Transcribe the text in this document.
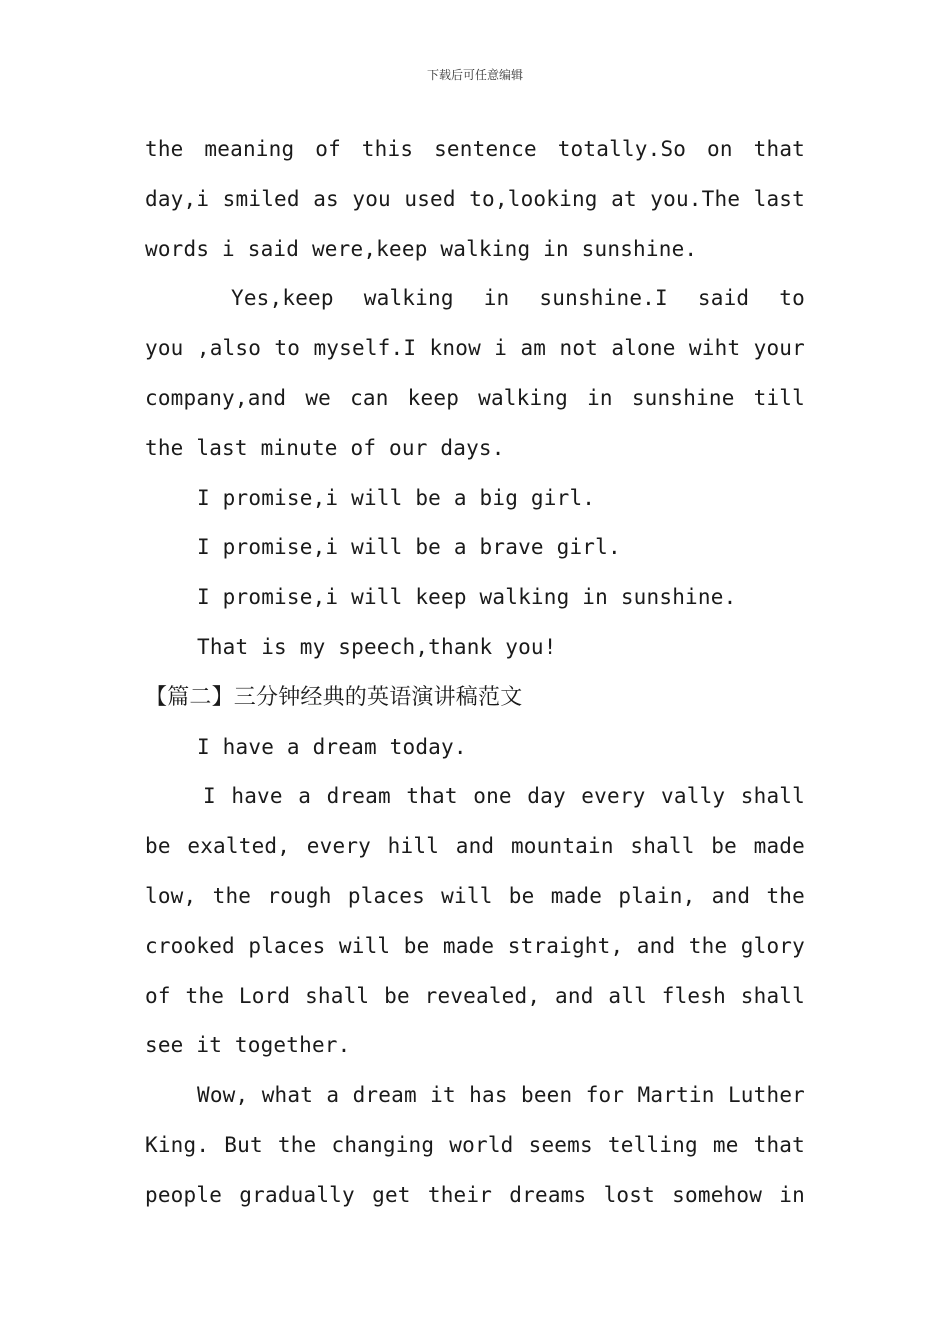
下载后可任意编辑
the meaning of this sentence totally.So on that
day,i smiled as you used to,looking at you.The last
words i said were,keep walking in sunshine.
Yes,keep walking in sunshine.I said to
you ,also to myself.I know i am not alone wiht your
company,and we can keep walking in sunshine till
the last minute of our days.
I promise,i will be a big girl.
I promise,i will be a brave girl.
I promise,i will keep walking in sunshine.
That is my speech,thank you!
【篇二】三分钟经典的英语演讲稿范文
I have a dream today.
I have a dream that one day every vally shall
be exalted, every hill and mountain shall be made
low, the rough places will be made plain, and the
crooked places will be made straight, and the glory
of the Lord shall be revealed, and all flesh shall
see it together.
Wow, what a dream it has been for Martin Luther
King. But the changing world seems telling me that
people gradually get their dreams lost somehow in
